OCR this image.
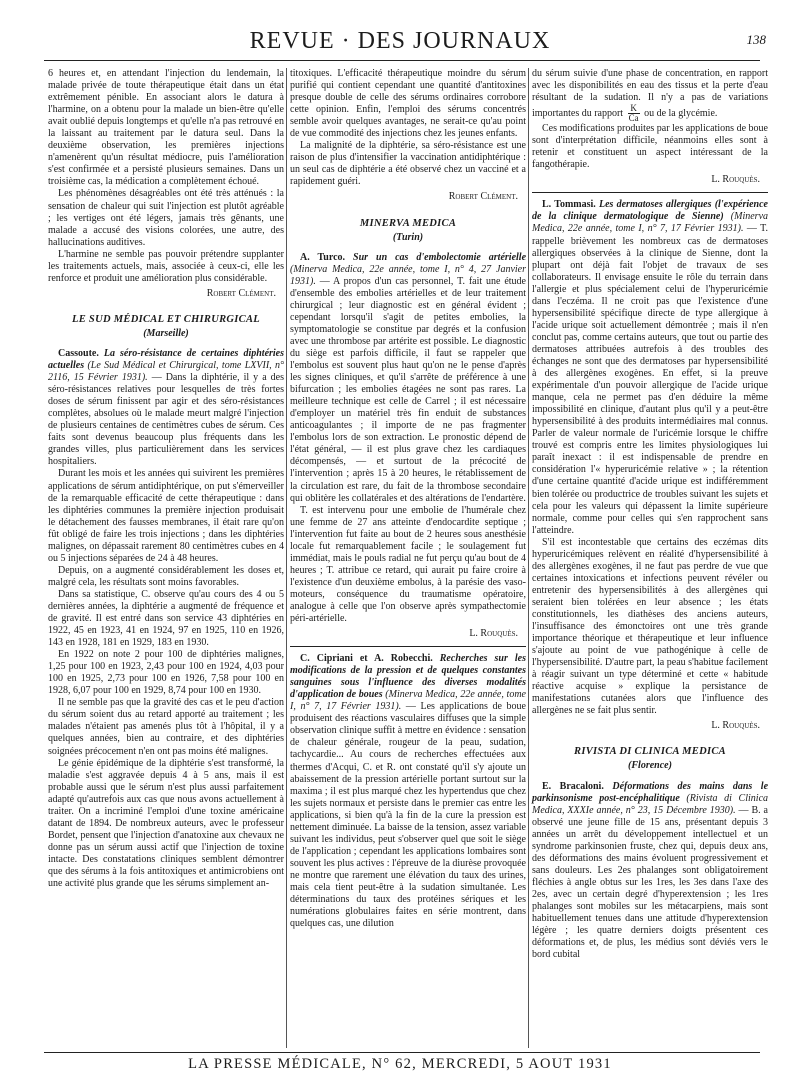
REVUE · DES JOURNAUX	138

6 heures et, en attendant l'injection du lendemain, la malade privée de toute thérapeutique était dans un état extrêmement pénible. En associant alors le datura à l'harmine, on a obtenu pour la malade un bien-être qu'elle avait oublié depuis longtemps et qu'elle n'a pas retrouvé en la laissant au traitement par le datura seul. Dans la deuxième observation, les premières injections n'amenèrent qu'un résultat médiocre, puis l'amélioration s'est confirmée et a persisté plusieurs semaines. Dans un troisième cas, la médication a complètement échoué.

Les phénomènes désagréables ont été très atténués : la sensation de chaleur qui suit l'injection est plutôt agréable ; les vertiges ont été légers, jamais très gênants, une malade a accusé des visions colorées, une autre, des hallucinations auditives.

L'harmine ne semble pas pouvoir prétendre supplanter les traitements actuels, mais, associée à ceux-ci, elle les renforce et produit une amélioration plus considérable.

Robert Clément.

LE SUD MÉDICAL ET CHIRURGICAL
(Marseille)

Cassoute. La séro-résistance de certaines diphtéries actuelles (Le Sud Médical et Chirurgical, tome LXVII, n° 2116, 15 Février 1931). — Dans la diphtérie, il y a des séro-résistances relatives pour lesquelles de très fortes doses de sérum finissent par agir et des séro-résistances complètes, absolues où le malade meurt malgré l'injection de plusieurs centaines de centimètres cubes de sérum. Ces faits sont devenus beaucoup plus fréquents dans les grandes villes, plus particulièrement dans les services hospitaliers.

Durant les mois et les années qui suivirent les premières applications de sérum antidiphtérique, on put s'émerveiller de la remarquable efficacité de cette thérapeutique : dans les diphtéries communes la première injection produisait le détachement des fausses membranes, il était rare qu'on fût obligé de faire les trois injections ; dans les diphtéries malignes, on dépassait rarement 80 centimètres cubes en 4 ou 5 injections séparées de 24 à 48 heures.

Depuis, on a augmenté considérablement les doses et, malgré cela, les résultats sont moins favorables.

Dans sa statistique, C. observe qu'au cours des 4 ou 5 dernières années, la diphtérie a augmenté de fréquence et de gravité. Il est entré dans son service 43 diphtéries en 1922, 45 en 1923, 41 en 1924, 97 en 1925, 110 en 1926, 143 en 1928, 181 en 1929, 183 en 1930.

En 1922 on note 2 pour 100 de diphtéries malignes, 1,25 pour 100 en 1923, 2,43 pour 100 en 1924, 4,03 pour 100 en 1925, 2,73 pour 100 en 1926, 7,58 pour 100 en 1928, 6,07 pour 100 en 1929, 8,74 pour 100 en 1930.

Il ne semble pas que la gravité des cas et le peu d'action du sérum soient dus au retard apporté au traitement ; les malades n'étaient pas amenés plus tôt à l'hôpital, il y a quelques années, bien au contraire, et des diphtéries soignées précocement n'en ont pas moins été malignes.

Le génie épidémique de la diphtérie s'est transformé, la maladie s'est aggravée depuis 4 à 5 ans, mais il est probable aussi que le sérum n'est plus aussi parfaitement adapté qu'autrefois aux cas que nous avons actuellement à traiter. On a incriminé l'emploi d'une toxine américaine datant de 1894. De nombreux auteurs, avec le professeur Bordet, pensent que l'injection d'anatoxine aux chevaux ne donne pas un sérum aussi actif que l'injection de toxine intacte. Des constatations cliniques semblent démontrer que des sérums à la fois antitoxiques et antimicrobiens ont une activité plus grande que les sérums simplement an-

titoxiques. L'efficacité thérapeutique moindre du sérum purifié qui contient cependant une quantité d'antitoxines presque double de celle des sérums ordinaires corrobore cette opinion. Enfin, l'emploi des sérums concentrés semble avoir quelques avantages, ne serait-ce qu'au point de vue commodité des injections chez les jeunes enfants.

La malignité de la diphtérie, sa séro-résistance est une raison de plus d'intensifier la vaccination antidiphtérique : un seul cas de diphtérie a été observé chez un vacciné et a rapidement guéri.

Robert Clément.

MINERVA MEDICA
(Turin)

A. Turco. Sur un cas d'embolectomie artérielle (Minerva Medica, 22e année, tome I, n° 4, 27 Janvier 1931). — A propos d'un cas personnel, T. fait une étude d'ensemble des embolies artérielles et de leur traitement chirurgical ; leur diagnostic est en général évident ; cependant lorsqu'il s'agit de petites embolies, la symptomatologie se constitue par degrés et la confusion avec une thrombose par artérite est possible. Le diagnostic du siège est parfois difficile, il faut se rappeler que l'embolus est souvent plus haut qu'on ne le pense d'après les signes cliniques, et qu'il s'arrête de préférence à une bifurcation ; les embolies étagées ne sont pas rares. La meilleure technique est celle de Carrel ; il est nécessaire d'employer un matériel très fin enduit de substances anticoagulantes ; il importe de ne pas fragmenter l'embolus lors de son extraction. Le pronostic dépend de l'état général, — il est plus grave chez les cardiaques décompensés, — et surtout de la précocité de l'intervention ; après 15 à 20 heures, le rétablissement de la circulation est rare, du fait de la thrombose secondaire qui oblitère les collatérales et des altérations de l'endartère.

T. est intervenu pour une embolie de l'humérale chez une femme de 27 ans atteinte d'endocardite septique ; l'intervention fut faite au bout de 2 heures sous anesthésie locale fut remarquablement facile ; le soulagement fut immédiat, mais le pouls radial ne fut perçu qu'au bout de 4 heures ; T. attribue ce retard, qui aurait pu faire croire à l'existence d'un deuxième embolus, à la parésie des vaso-moteurs, conséquence du traumatisme opératoire, analogue à celle que l'on observe après sympathectomie péri-artérielle.

L. Rouquès.

C. Cipriani et A. Robecchi. Recherches sur les modifications de la pression et de quelques constantes sanguines sous l'influence des diverses modalités d'application de boues (Minerva Medica, 22e année, tome I, n° 7, 17 Février 1931). — Les applications de boue produisent des réactions vasculaires diffuses que la simple observation clinique suffit à mettre en évidence : sensation de chaleur générale, rougeur de la peau, sudation, tachycardie... Au cours de recherches effectuées aux thermes d'Acqui, C. et R. ont constaté qu'il s'y ajoute un abaissement de la pression artérielle portant surtout sur la maxima ; il est plus marqué chez les hypertendus que chez les sujets normaux et persiste dans le premier cas entre les applications, si bien qu'à la fin de la cure la pression est nettement diminuée. La baisse de la tension, assez variable suivant les individus, peut s'observer quel que soit le siège de l'application ; cependant les applications lombaires sont souvent les plus actives : l'épreuve de la diurèse provoquée ne montre que rarement une élévation du taux des urines, mais cela tient peut-être à la sudation simultanée. Les déterminations du taux des protéines sériques et les numérations globulaires faites en série montrent, dans quelques cas, une dilution

du sérum suivie d'une phase de concentration, en rapport avec les disponibilités en eau des tissus et la perte d'eau résultant de la sudation. Il n'y a pas de variations importantes du rapport $\frac{K}{Ca}$ ou de la glycémie.

Ces modifications produites par les applications de boue sont d'interprétation difficile, néanmoins elles sont à retenir et constituent un aspect intéressant de la fangothérapie.

L. Rouquès.

L. Tommasi. Les dermatoses allergiques (l'expérience de la clinique dermatologique de Sienne) (Minerva Medica, 22e année, tome I, n° 7, 17 Février 1931). — T. rappelle brièvement les nombreux cas de dermatoses allergiques observées à la clinique de Sienne, dont la plupart ont déjà fait l'objet de travaux de ses collaborateurs. Il envisage ensuite le rôle du terrain dans l'allergie et plus spécialement celui de l'hyperuricémie dans l'eczéma. Il ne croit pas que l'existence d'une hypersensibilité spécifique directe de type allergique à l'acide urique soit actuellement démontrée ; mais il n'en conclut pas, comme certains auteurs, que tout ou partie des dermatoses attribuées autrefois à des troubles des échanges ne sont que des dermatoses par hypersensibilité à des allergènes exogènes. En effet, si la preuve expérimentale d'un pouvoir allergique de l'acide urique manque, cela ne permet pas d'en déduire la même impossibilité en clinique, d'autant plus qu'il y a peut-être hypersensibilité à des produits intermédiaires mal connus. Parler de valeur normale de l'uricémie lorsque le chiffre trouvé est compris entre les limites physiologiques lui paraît inexact : il est indispensable de prendre en considération l'« hyperuricémie relative » ; la rétention d'une certaine quantité d'acide urique est indifféremment bien tolérée ou productrice de troubles suivant les sujets et cela pour les valeurs qui dépassent la limite supérieure normale, comme pour celles qui s'en rapprochent sans l'atteindre.

S'il est incontestable que certains des eczémas dits hyperuricémiques relèvent en réalité d'hypersensibilité à des allergènes exogènes, il ne faut pas perdre de vue que certaines intoxications et infections peuvent révéler ou entretenir des hypersensibilités à des allergènes qui seraient bien tolérées en leur absence ; les états constitutionnels, les diathèses des anciens auteurs, l'insuffisance des émonctoires ont une très grande importance théorique et thérapeutique et leur influence s'ajoute au point de vue pathogénique à celle de l'hypersensibilité. D'autre part, la peau s'habitue facilement à réagir suivant un type déterminé et cette « habitude réactive acquise » explique la persistance de manifestations cutanées alors que l'influence des allergènes ne se fait plus sentir.

L. Rouquès.

RIVISTA DI CLINICA MEDICA
(Florence)

E. Bracaloni. Déformations des mains dans le parkinsonisme post-encéphalitique (Rivista di Clinica Medica, XXXIe année, n° 23, 15 Décembre 1930). — B. a observé une jeune fille de 15 ans, présentant depuis 3 années un arrêt du développement intellectuel et un syndrome parkinsonien fruste, chez qui, depuis deux ans, des déformations des mains évoluent progressivement et sans douleurs. Les 2es phalanges sont obligatoirement fléchies à angle obtus sur les 1res, les 3es dans l'axe des 2es, avec un certain degré d'hyperextension ; les 1res phalanges sont mobiles sur les métacarpiens, mais sont habituellement tenues dans une attitude d'hyperextension légère ; les quatre derniers doigts présentent ces déformations et, de plus, les médius sont déviés vers le bord cubital

LA PRESSE MÉDICALE, N° 62, MERCREDI, 5 AOUT 1931
